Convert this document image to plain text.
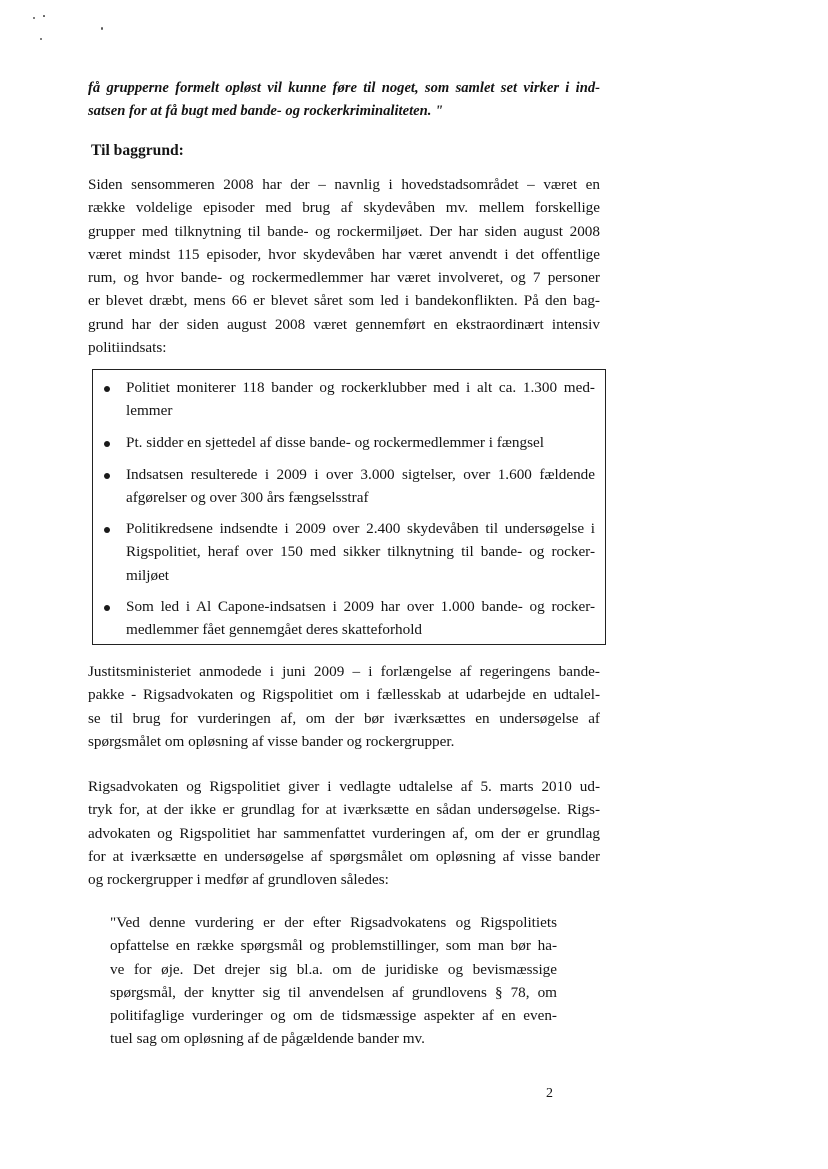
få grupperne formelt opløst vil kunne føre til noget, som samlet set virker i ind-
satsen for at få bugt med bande- og rockerkriminaliteten. "
Til baggrund:
Siden sensommeren 2008 har der – navnlig i hovedstadsområdet – været en
række voldelige episoder med brug af skydevåben mv. mellem forskellige
grupper med tilknytning til bande- og rockermiljøet. Der har siden august 2008
været mindst 115 episoder, hvor skydevåben har været anvendt i det offentlige
rum, og hvor bande- og rockermedlemmer har været involveret, og 7 personer
er blevet dræbt, mens 66 er blevet såret som led i bandekonflikten. På den bag-
grund har der siden august 2008 været gennemført en ekstraordinært intensiv
politiindsats:
Politiet moniterer 118 bander og rockerklubber med i alt ca. 1.300 med-
lemmer
Pt. sidder en sjettedel af disse bande- og rockermedlemmer i fængsel
Indsatsen resulterede i 2009 i over 3.000 sigtelser, over 1.600 fældende
afgørelser og over 300 års fængselsstraf
Politikredsene indsendte i 2009 over 2.400 skydevåben til undersøgelse i
Rigspolitiet, heraf over 150 med sikker tilknytning til bande- og rocker-
miljøet
Som led i Al Capone-indsatsen i 2009 har over 1.000 bande- og rocker-
medlemmer fået gennemgået deres skatteforhold
Justitsministeriet anmodede i juni 2009 – i forlængelse af regeringens bande-
pakke - Rigsadvokaten og Rigspolitiet om i fællesskab at udarbejde en udtalel-
se til brug for vurderingen af, om der bør iværksættes en undersøgelse af
spørgsmålet om opløsning af visse bander og rockergrupper.
Rigsadvokaten og Rigspolitiet giver i vedlagte udtalelse af 5. marts 2010 ud-
tryk for, at der ikke er grundlag for at iværksætte en sådan undersøgelse. Rigs-
advokaten og Rigspolitiet har sammenfattet vurderingen af, om der er grundlag
for at iværksætte en undersøgelse af spørgsmålet om opløsning af visse bander
og rockergrupper i medfør af grundloven således:
"Ved denne vurdering er der efter Rigsadvokatens og Rigspolitiets
opfattelse en række spørgsmål og problemstillinger, som man bør ha-
ve for øje. Det drejer sig bl.a. om de juridiske og bevismæssige
spørgsmål, der knytter sig til anvendelsen af grundlovens § 78, om
politifaglige vurderinger og om de tidsmæssige aspekter af en even-
tuel sag om opløsning af de pågældende bander mv.
2
